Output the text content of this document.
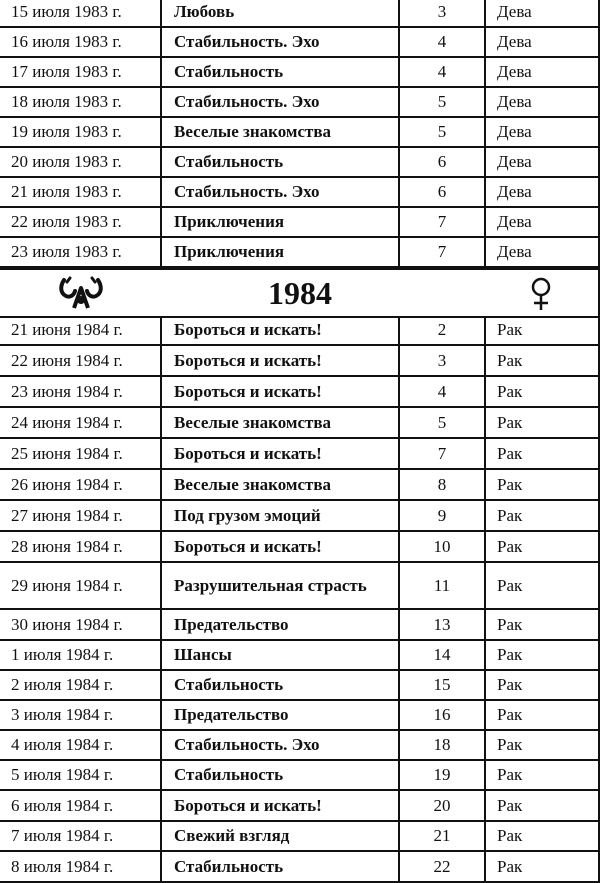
15 июля 1983 г.	Любовь	3	Дева
16 июля 1983 г.	Стабильность. Эхо	4	Дева
17 июля 1983 г.	Стабильность	4	Дева
18 июля 1983 г.	Стабильность. Эхо	5	Дева
19 июля 1983 г.	Веселые знакомства	5	Дева
20 июля 1983 г.	Стабильность	6	Дева
21 июля 1983 г.	Стабильность. Эхо	6	Дева
22 июля 1983 г.	Приключения	7	Дева
23 июля 1983 г.	Приключения	7	Дева
1984
21 июня 1984 г.	Бороться и искать!	2	Рак
22 июня 1984 г.	Бороться и искать!	3	Рак
23 июня 1984 г.	Бороться и искать!	4	Рак
24 июня 1984 г.	Веселые знакомства	5	Рак
25 июня 1984 г.	Бороться и искать!	7	Рак
26 июня 1984 г.	Веселые знакомства	8	Рак
27 июня 1984 г.	Под грузом эмоций	9	Рак
28 июня 1984 г.	Бороться и искать!	10	Рак
29 июня 1984 г.	Разрушительная страсть	11	Рак
30 июня 1984 г.	Предательство	13	Рак
1 июля 1984 г.	Шансы	14	Рак
2 июля 1984 г.	Стабильность	15	Рак
3 июля 1984 г.	Предательство	16	Рак
4 июля 1984 г.	Стабильность. Эхо	18	Рак
5 июля 1984 г.	Стабильность	19	Рак
6 июля 1984 г.	Бороться и искать!	20	Рак
7 июля 1984 г.	Свежий взгляд	21	Рак
8 июля 1984 г.	Стабильность	22	Рак
